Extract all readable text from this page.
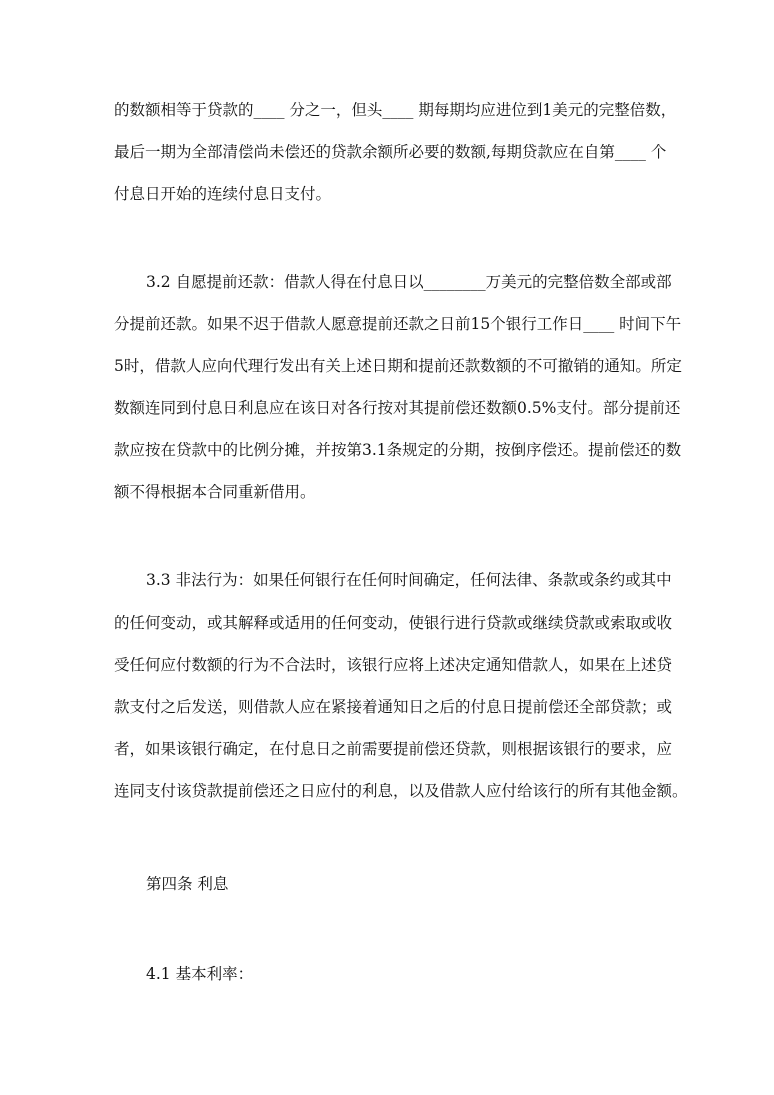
的数额相等于贷款的____ 分之一，但头____ 期每期均应进位到1美元的完整倍数，
最后一期为全部清偿尚未偿还的贷款余额所必要的数额,每期贷款应在自第____ 个
付息日开始的连续付息日支付。
3.2 自愿提前还款：借款人得在付息日以________万美元的完整倍数全部或部
分提前还款。如果不迟于借款人愿意提前还款之日前15个银行工作日____ 时间下午
5时，借款人应向代理行发出有关上述日期和提前还款数额的不可撤销的通知。所定
数额连同到付息日利息应在该日对各行按对其提前偿还数额0.5%支付。部分提前还
款应按在贷款中的比例分摊，并按第3.1条规定的分期，按倒序偿还。提前偿还的数
额不得根据本合同重新借用。
3.3 非法行为：如果任何银行在任何时间确定，任何法律、条款或条约或其中
的任何变动，或其解释或适用的任何变动，使银行进行贷款或继续贷款或索取或收
受任何应付数额的行为不合法时，该银行应将上述决定通知借款人，如果在上述贷
款支付之后发送，则借款人应在紧接着通知日之后的付息日提前偿还全部贷款；或
者，如果该银行确定，在付息日之前需要提前偿还贷款，则根据该银行的要求，应
连同支付该贷款提前偿还之日应付的利息，以及借款人应付给该行的所有其他金额。
第四条 利息
4.1 基本利率：
